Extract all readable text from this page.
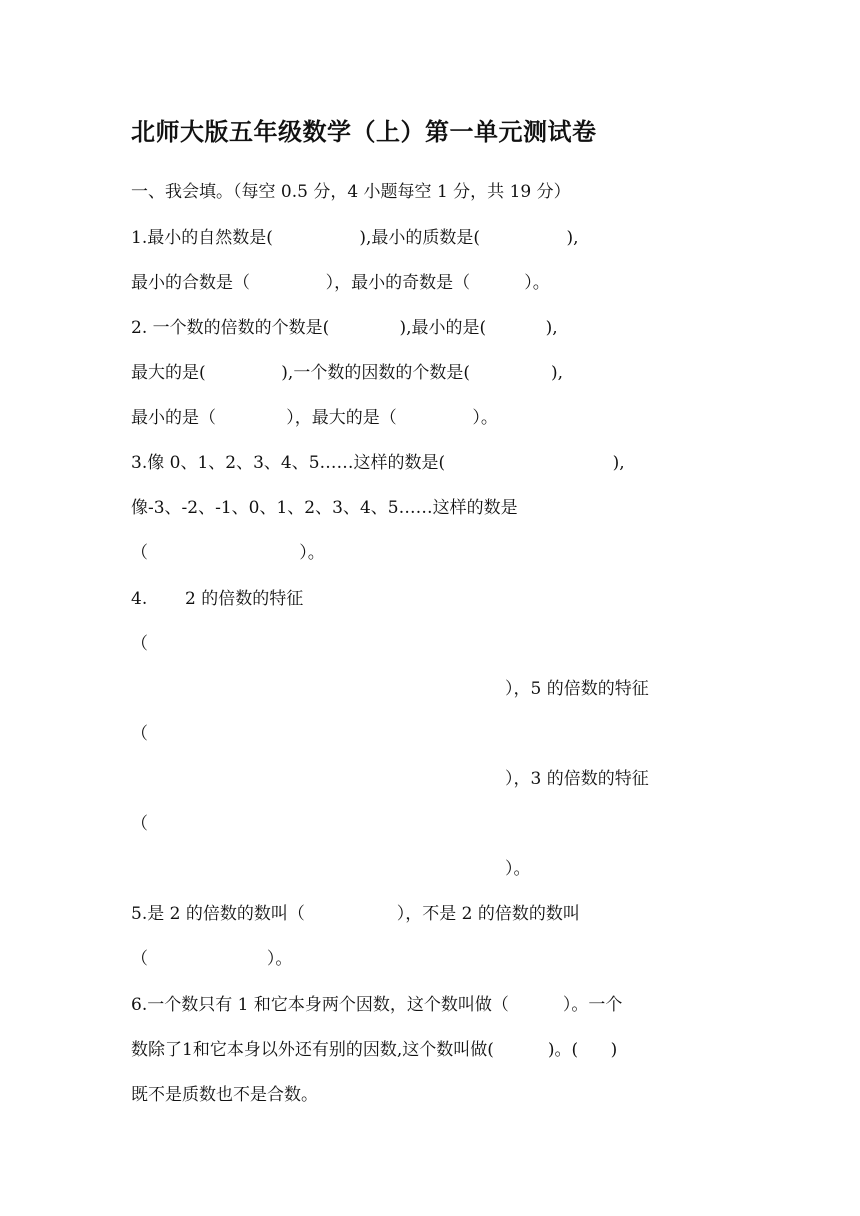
北师大版五年级数学（上）第一单元测试卷
一、我会填。（每空 0.5 分，4 小题每空 1 分，共 19 分）
1.最小的自然数是(                ),最小的质数是(                ),
最小的合数是（              ），最小的奇数是（          ）。
2. 一个数的倍数的个数是(             ),最小的是(           ),
最大的是(              ),一个数的因数的个数是(               ),
最小的是（             ），最大的是（              ）。
3.像 0、1、2、3、4、5……这样的数是(                               ),
像-3、-2、-1、0、1、2、3、4、5……这样的数是
（                            ）。
4.       2 的倍数的特征
（
），5 的倍数的特征
（
），3 的倍数的特征
（
）。
5.是 2 的倍数的数叫（                 ），不是 2 的倍数的数叫
（                      ）。
6.一个数只有 1 和它本身两个因数，这个数叫做（          ）。一个
数除了1和它本身以外还有别的因数,这个数叫做(          )。(      )
既不是质数也不是合数。
